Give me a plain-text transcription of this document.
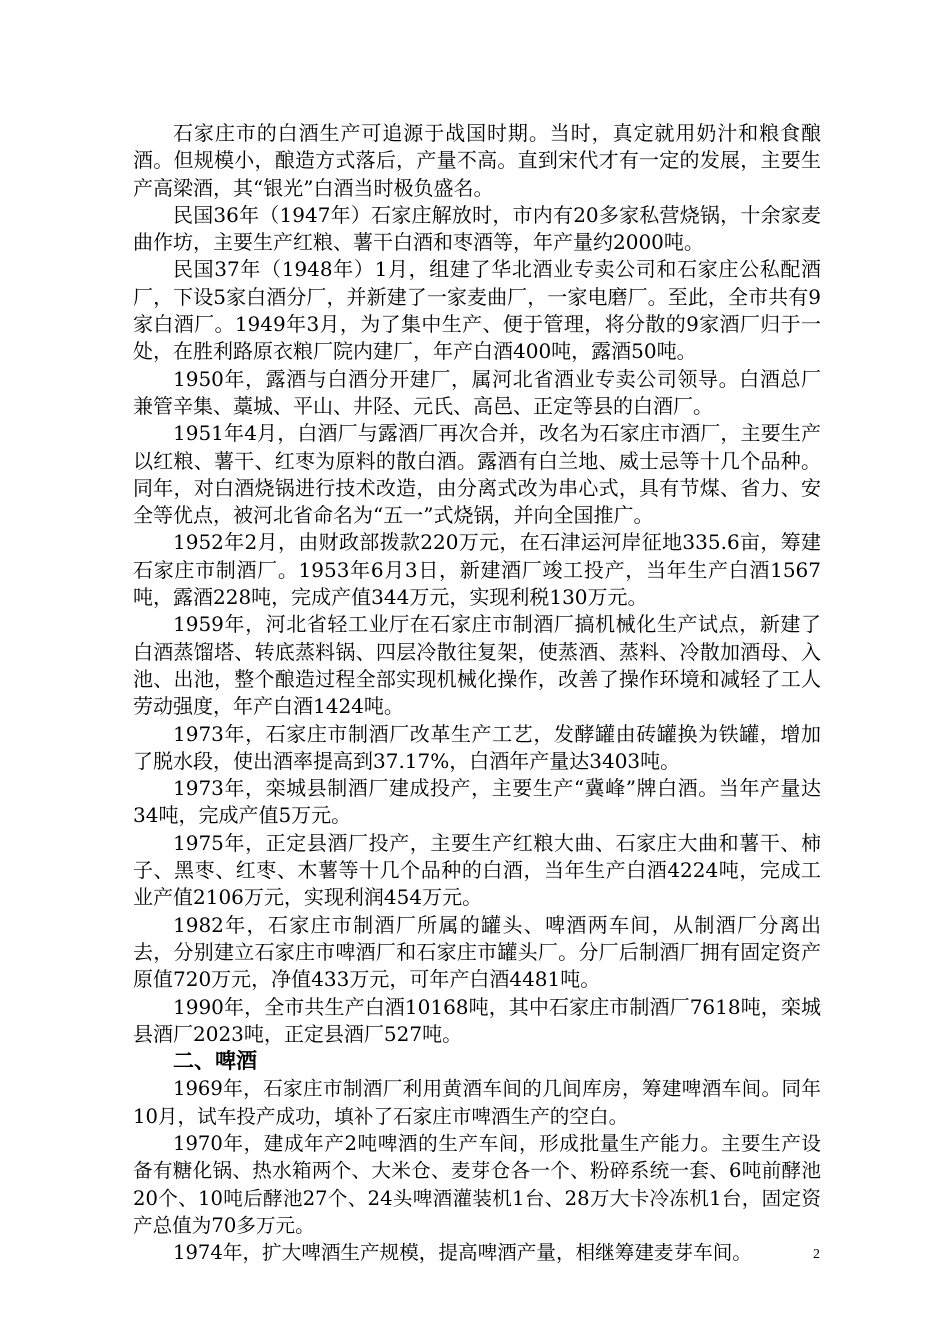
石家庄市的白酒生产可追源于战国时期。当时，真定就用奶汁和粮食酿酒。但规模小，酿造方式落后，产量不高。直到宋代才有一定的发展，主要生产高梁酒，其“银光”白酒当时极负盛名。

民国36年（1947年）石家庄解放时，市内有20多家私营烧锅，十余家麦曲作坊，主要生产红粮、薯干白酒和枣酒等，年产量约2000吨。

民国37年（1948年）1月，组建了华北酒业专卖公司和石家庄公私配酒厂，下设5家白酒分厂，并新建了一家麦曲厂，一家电磨厂。至此，全市共有9家白酒厂。1949年3月，为了集中生产、便于管理，将分散的9家酒厂归于一处，在胜利路原衣粮厂院内建厂，年产白酒400吨，露酒50吨。

1950年，露酒与白酒分开建厂，属河北省酒业专卖公司领导。白酒总厂兼管辛集、藁城、平山、井陉、元氏、高邑、正定等县的白酒厂。

1951年4月，白酒厂与露酒厂再次合并，改名为石家庄市酒厂，主要生产以红粮、薯干、红枣为原料的散白酒。露酒有白兰地、威士忌等十几个品种。同年，对白酒烧锅进行技术改造，由分离式改为串心式，具有节煤、省力、安全等优点，被河北省命名为“五一”式烧锅，并向全国推广。

1952年2月，由财政部拨款220万元，在石津运河岸征地335.6亩，筹建石家庄市制酒厂。1953年6月3日，新建酒厂竣工投产，当年生产白酒1567吨，露酒228吨，完成产值344万元，实现利税130万元。

1959年，河北省轻工业厅在石家庄市制酒厂搞机械化生产试点，新建了白酒蒸馏塔、转底蒸料锅、四层冷散往复架，使蒸酒、蒸料、冷散加酒母、入池、出池，整个酿造过程全部实现机械化操作，改善了操作环境和减轻了工人劳动强度，年产白酒1424吨。

1973年，石家庄市制酒厂改革生产工艺，发酵罐由砖罐换为铁罐，增加了脱水段，使出酒率提高到37.17%，白酒年产量达3403吨。

1973年，栾城县制酒厂建成投产，主要生产“冀峰”牌白酒。当年产量达34吨，完成产值5万元。

1975年，正定县酒厂投产，主要生产红粮大曲、石家庄大曲和薯干、柿子、黑枣、红枣、木薯等十几个品种的白酒，当年生产白酒4224吨，完成工业产值2106万元，实现利润454万元。

1982年，石家庄市制酒厂所属的罐头、啤酒两车间，从制酒厂分离出去，分别建立石家庄市啤酒厂和石家庄市罐头厂。分厂后制酒厂拥有固定资产原值720万元，净值433万元，可年产白酒4481吨。

1990年，全市共生产白酒10168吨，其中石家庄市制酒厂7618吨，栾城县酒厂2023吨，正定县酒厂527吨。

二、啤酒

1969年，石家庄市制酒厂利用黄酒车间的几间库房，筹建啤酒车间。同年10月，试车投产成功，填补了石家庄市啤酒生产的空白。

1970年，建成年产2吨啤酒的生产车间，形成批量生产能力。主要生产设备有糖化锅、热水箱两个、大米仓、麦芽仓各一个、粉碎系统一套、6吨前酵池20个、10吨后酵池27个、24头啤酒灌装机1台、28万大卡冷冻机1台，固定资产总值为70多万元。

1974年，扩大啤酒生产规模，提高啤酒产量，相继筹建麦芽车间。	2
